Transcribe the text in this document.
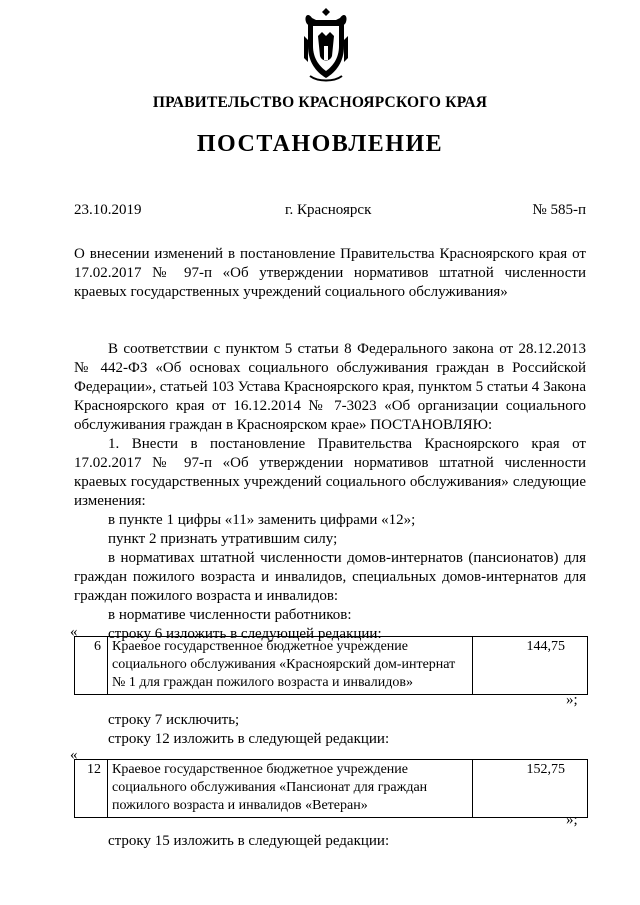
ПРАВИТЕЛЬСТВО КРАСНОЯРСКОГО КРАЯ
ПОСТАНОВЛЕНИЕ
23.10.2019	г. Красноярск	№ 585-п

О внесении изменений в постановление Правительства Красноярского края от 17.02.2017 № 97-п «Об утверждении нормативов штатной численности краевых государственных учреждений социального обслуживания»

В соответствии с пунктом 5 статьи 8 Федерального закона от 28.12.2013 № 442-ФЗ «Об основах социального обслуживания граждан в Российской Федерации», статьей 103 Устава Красноярского края, пунктом 5 статьи 4 Закона Красноярского края от 16.12.2014 № 7-3023 «Об организации социального обслуживания граждан в Красноярском крае» ПОСТАНОВЛЯЮ:

1. Внести в постановление Правительства Красноярского края от 17.02.2017 № 97-п «Об утверждении нормативов штатной численности краевых государственных учреждений социального обслуживания» следующие изменения:

в пункте 1 цифры «11» заменить цифрами «12»;

пункт 2 признать утратившим силу;

в нормативах штатной численности домов-интернатов (пансионатов) для граждан пожилого возраста и инвалидов, специальных домов-интернатов для граждан пожилого возраста и инвалидов:

в нормативе численности работников:

строку 6 изложить в следующей редакции:

«
6	Краевое государственное бюджетное учреждение социального обслуживания «Красноярский дом-интернат № 1 для граждан пожилого возраста и инвалидов»	144,75
»;
строку 7 исключить;
строку 12 изложить в следующей редакции:
«
12	Краевое государственное бюджетное учреждение социального обслуживания «Пансионат для граждан пожилого возраста и инвалидов «Ветеран»	152,75
»;
строку 15 изложить в следующей редакции:
